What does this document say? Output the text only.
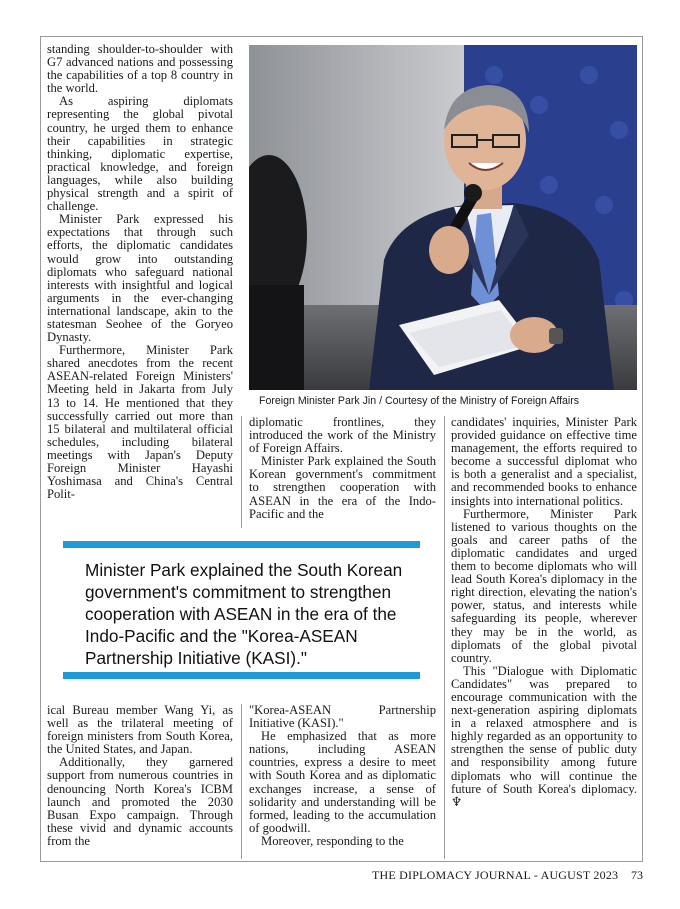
standing shoulder-to-shoulder with G7 advanced nations and possessing the capabilities of a top 8 country in the world.

As aspiring diplomats representing the global pivotal country, he urged them to enhance their capabilities in strategic thinking, diplomatic expertise, practical knowledge, and foreign languages, while also building physical strength and a spirit of challenge.

Minister Park expressed his expectations that through such efforts, the diplomatic candidates would grow into outstanding diplomats who safeguard national interests with insightful and logical arguments in the ever-changing international landscape, akin to the statesman Seohee of the Goryeo Dynasty.

Furthermore, Minister Park shared anecdotes from the recent ASEAN-related Foreign Ministers' Meeting held in Jakarta from July 13 to 14. He mentioned that they successfully carried out more than 15 bilateral and multilateral official schedules, including bilateral meetings with Japan's Deputy Foreign Minister Hayashi Yoshimasa and China's Central Polit-

Foreign Minister Park Jin / Courtesy of the Ministry of Foreign Affairs

diplomatic frontlines, they introduced the work of the Ministry of Foreign Affairs.

Minister Park explained the South Korean government's commitment to strengthen cooperation with ASEAN in the era of the Indo-Pacific and the

candidates' inquiries, Minister Park provided guidance on effective time management, the efforts required to become a successful diplomat who is both a generalist and a specialist, and recommended books to enhance insights into international politics.

Furthermore, Minister Park listened to various thoughts on the goals and career paths of the diplomatic candidates and urged them to become diplomats who will lead South Korea's diplomacy in the right direction, elevating the nation's power, status, and interests while safeguarding its people, wherever they may be in the world, as diplomats of the global pivotal country.

This "Dialogue with Diplomatic Candidates" was prepared to encourage communication with the next-generation aspiring diplomats in a relaxed atmosphere and is highly regarded as an opportunity to strengthen the sense of public duty and responsibility among future diplomats who will continue the future of South Korea's diplomacy. ♆

Minister Park explained the South Korean government's commitment to strengthen cooperation with ASEAN in the era of the Indo-Pacific and the "Korea-ASEAN Partnership Initiative (KASI)."

ical Bureau member Wang Yi, as well as the trilateral meeting of foreign ministers from South Korea, the United States, and Japan.

Additionally, they garnered support from numerous countries in denouncing North Korea's ICBM launch and promoted the 2030 Busan Expo campaign. Through these vivid and dynamic accounts from the

"Korea-ASEAN Partnership Initiative (KASI)."

He emphasized that as more nations, including ASEAN countries, express a desire to meet with South Korea and as diplomatic exchanges increase, a sense of solidarity and understanding will be formed, leading to the accumulation of goodwill.

Moreover, responding to the

THE DIPLOMACY JOURNAL - AUGUST 2023 73
